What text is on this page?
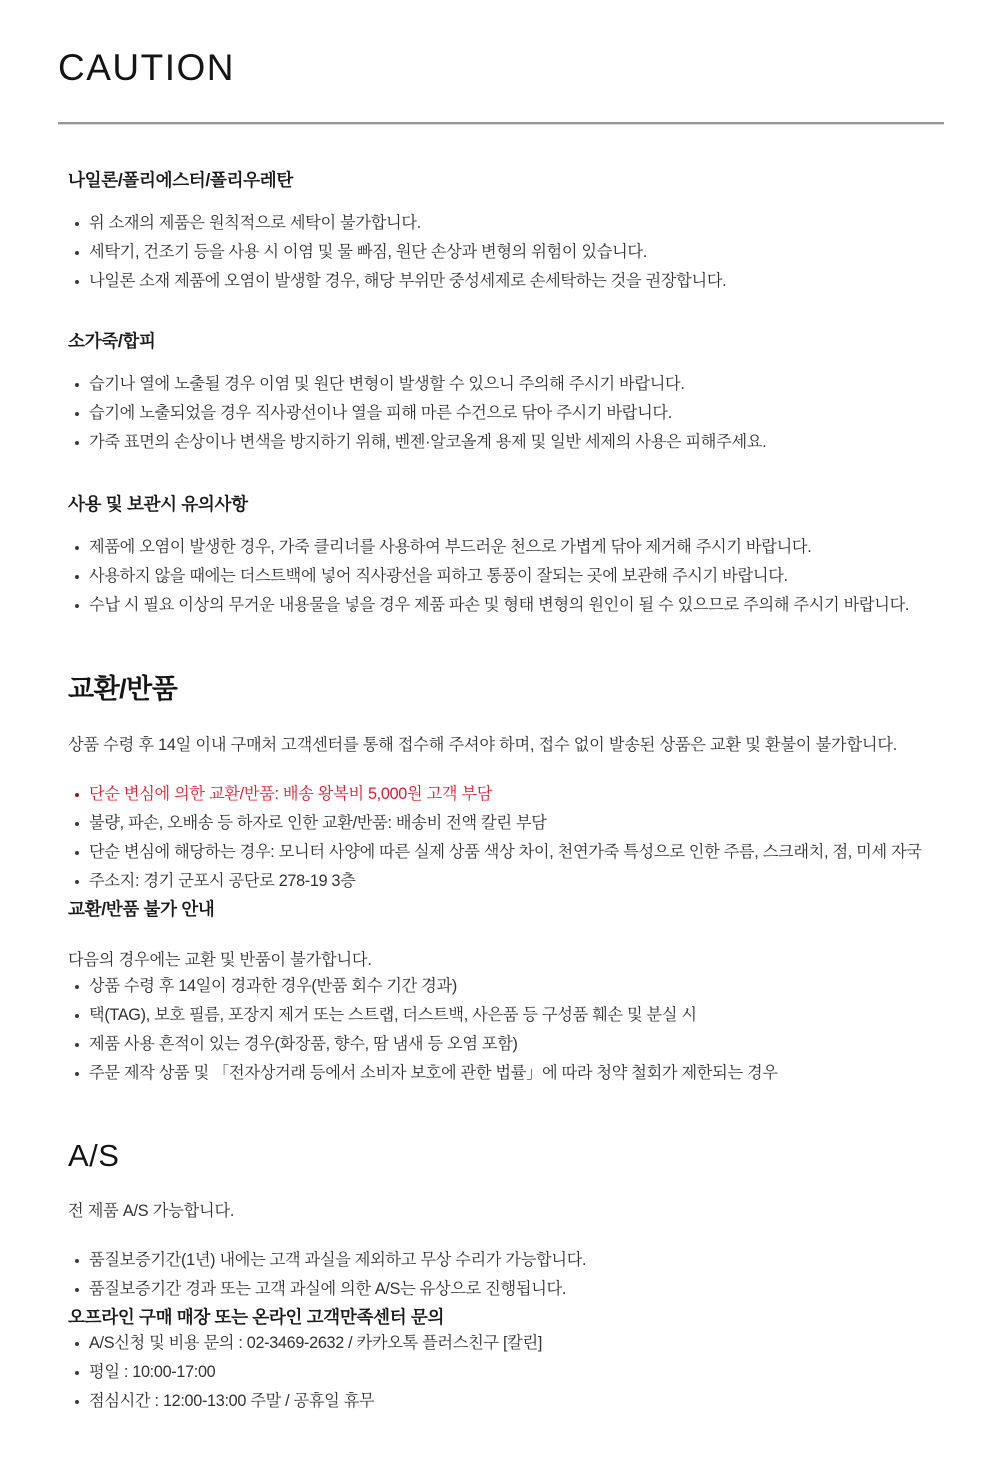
CAUTION
나일론/폴리에스터/폴리우레탄
위 소재의 제품은 원칙적으로 세탁이 불가합니다.
세탁기, 건조기 등을 사용 시 이염 및 물 빠짐, 원단 손상과 변형의 위험이 있습니다.
나일론 소재 제품에 오염이 발생할 경우, 해당 부위만 중성세제로 손세탁하는 것을 권장합니다.
소가죽/합피
습기나 열에 노출될 경우 이염 및 원단 변형이 발생할 수 있으니 주의해 주시기 바랍니다.
습기에 노출되었을 경우 직사광선이나 열을 피해 마른 수건으로 닦아 주시기 바랍니다.
가죽 표면의 손상이나 변색을 방지하기 위해, 벤젠·알코올계 용제 및 일반 세제의 사용은 피해주세요.
사용 및 보관시 유의사항
제품에 오염이 발생한 경우, 가죽 클리너를 사용하여 부드러운 천으로 가볍게 닦아 제거해 주시기 바랍니다.
사용하지 않을 때에는 더스트백에 넣어 직사광선을 피하고 통풍이 잘되는 곳에 보관해 주시기 바랍니다.
수납 시 필요 이상의 무거운 내용물을 넣을 경우 제품 파손 및 형태 변형의 원인이 될 수 있으므로 주의해 주시기 바랍니다.
교환/반품

상품 수령 후 14일 이내 구매처 고객센터를 통해 접수해 주셔야 하며, 접수 없이 발송된 상품은 교환 및 환불이 불가합니다.

단순 변심에 의한 교환/반품: 배송 왕복비 5,000원 고객 부담
불량, 파손, 오배송 등 하자로 인한 교환/반품: 배송비 전액 칼린 부담
단순 변심에 해당하는 경우: 모니터 사양에 따른 실제 상품 색상 차이, 천연가죽 특성으로 인한 주름, 스크래치, 점, 미세 자국
주소지: 경기 군포시 공단로 278-19 3층
교환/반품 불가 안내

다음의 경우에는 교환 및 반품이 불가합니다.

상품 수령 후 14일이 경과한 경우(반품 회수 기간 경과)
택(TAG), 보호 필름, 포장지 제거 또는 스트랩, 더스트백, 사은품 등 구성품 훼손 및 분실 시
제품 사용 흔적이 있는 경우(화장품, 향수, 땀 냄새 등 오염 포함)
주문 제작 상품 및 「전자상거래 등에서 소비자 보호에 관한 법률」에 따라 청약 철회가 제한되는 경우
A/S

전 제품 A/S 가능합니다.

품질보증기간(1년) 내에는 고객 과실을 제외하고 무상 수리가 가능합니다.
품질보증기간 경과 또는 고객 과실에 의한 A/S는 유상으로 진행됩니다.
오프라인 구매 매장 또는 온라인 고객만족센터 문의
A/S신청 및 비용 문의 : 02-3469-2632 / 카카오톡 플러스친구 [칼린]
평일 : 10:00-17:00
점심시간 : 12:00-13:00 주말 / 공휴일 휴무
